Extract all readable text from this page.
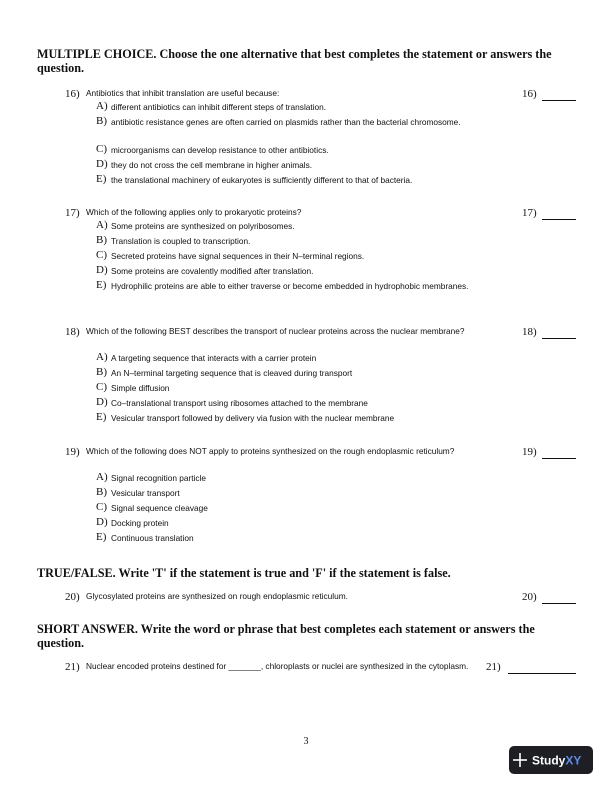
MULTIPLE CHOICE. Choose the one alternative that best completes the statement or answers the question.
16) Antibiotics that inhibit translation are useful because:	16)
A) different antibiotics can inhibit different steps of translation.
B) antibiotic resistance genes are often carried on plasmids rather than the bacterial chromosome.
C) microorganisms can develop resistance to other antibiotics.
D) they do not cross the cell membrane in higher animals.
E) the translational machinery of eukaryotes is sufficiently different to that of bacteria.
17) Which of the following applies only to prokaryotic proteins?	17)
A) Some proteins are synthesized on polyribosomes.
B) Translation is coupled to transcription.
C) Secreted proteins have signal sequences in their N–terminal regions.
D) Some proteins are covalently modified after translation.
E) Hydrophilic proteins are able to either traverse or become embedded in hydrophobic membranes.
18) Which of the following BEST describes the transport of nuclear proteins across the nuclear membrane?	18)
A) A targeting sequence that interacts with a carrier protein
B) An N–terminal targeting sequence that is cleaved during transport
C) Simple diffusion
D) Co–translational transport using ribosomes attached to the membrane
E) Vesicular transport followed by delivery via fusion with the nuclear membrane
19) Which of the following does NOT apply to proteins synthesized on the rough endoplasmic reticulum?	19)
A) Signal recognition particle
B) Vesicular transport
C) Signal sequence cleavage
D) Docking protein
E) Continuous translation
TRUE/FALSE. Write 'T' if the statement is true and 'F' if the statement is false.
20) Glycosylated proteins are synthesized on rough endoplasmic reticulum.	20)
SHORT ANSWER. Write the word or phrase that best completes each statement or answers the question.
21) Nuclear encoded proteins destined for _______, chloroplasts or nuclei are synthesized in the cytoplasm.	21)
3
StudyXY
